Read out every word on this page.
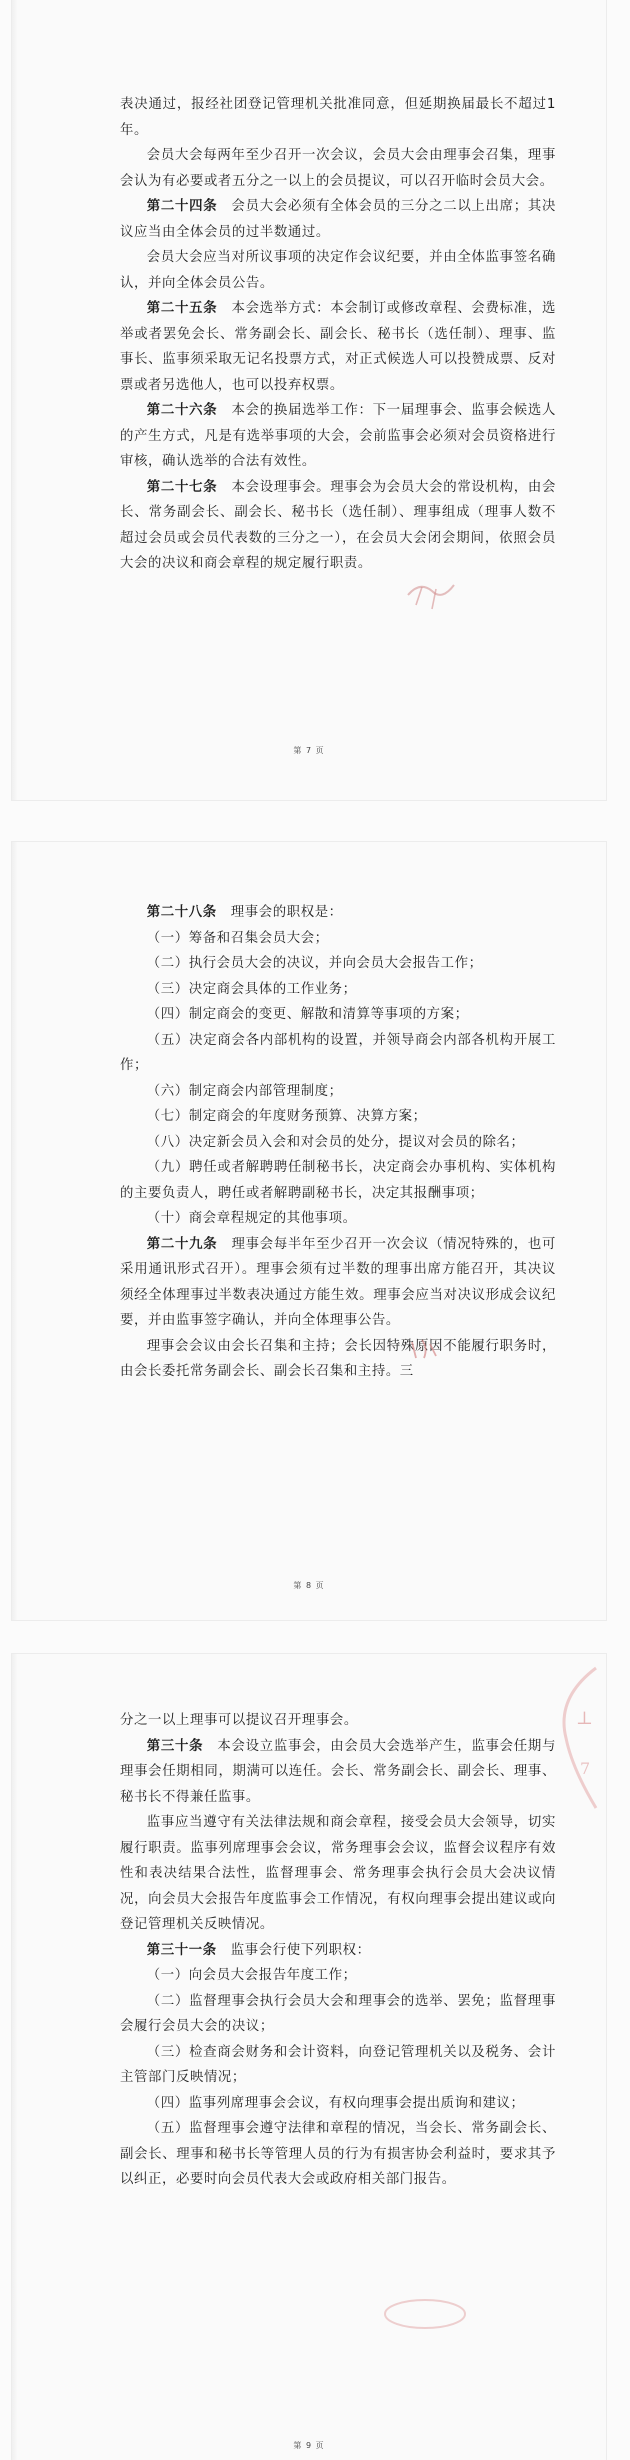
表决通过，报经社团登记管理机关批准同意，但延期换届最长不超过1年。

会员大会每两年至少召开一次会议，会员大会由理事会召集，理事会认为有必要或者五分之一以上的会员提议，可以召开临时会员大会。

第二十四条　 会员大会必须有全体会员的三分之二以上出席；其决议应当由全体会员的过半数通过。

会员大会应当对所议事项的决定作会议纪要，并由全体监事签名确认，并向全体会员公告。

第二十五条　 本会选举方式：本会制订或修改章程、会费标准，选举或者罢免会长、常务副会长、副会长、秘书长（选任制）、理事、监事长、监事须采取无记名投票方式，对正式候选人可以投赞成票、反对票或者另选他人，也可以投弃权票。

第二十六条　 本会的换届选举工作：下一届理事会、监事会候选人的产生方式，凡是有选举事项的大会，会前监事会必须对会员资格进行审核，确认选举的合法有效性。

第二十七条　 本会设理事会。理事会为会员大会的常设机构，由会长、常务副会长、副会长、秘书长（选任制）、理事组成（理事人数不超过会员或会员代表数的三分之一），在会员大会闭会期间，依照会员大会的决议和商会章程的规定履行职责。

第 7 页

第二十八条　 理事会的职权是：

（一）筹备和召集会员大会；

（二）执行会员大会的决议，并向会员大会报告工作；

（三）决定商会具体的工作业务；

（四）制定商会的变更、解散和清算等事项的方案；

（五）决定商会各内部机构的设置，并领导商会内部各机构开展工作；

（六）制定商会内部管理制度；

（七）制定商会的年度财务预算、决算方案；

（八）决定新会员入会和对会员的处分，提议对会员的除名；

（九）聘任或者解聘聘任制秘书长，决定商会办事机构、实体机构的主要负责人，聘任或者解聘副秘书长，决定其报酬事项；

（十）商会章程规定的其他事项。

第二十九条　 理事会每半年至少召开一次会议（情况特殊的，也可采用通讯形式召开）。理事会须有过半数的理事出席方能召开，其决议须经全体理事过半数表决通过方能生效。理事会应当对决议形成会议纪要，并由监事签字确认，并向全体理事公告。

理事会会议由会长召集和主持；会长因特殊原因不能履行职务时，由会长委托常务副会长、副会长召集和主持。三

第 8 页

分之一以上理事可以提议召开理事会。

第三十条　 本会设立监事会，由会员大会选举产生，监事会任期与理事会任期相同，期满可以连任。会长、常务副会长、副会长、理事、秘书长不得兼任监事。

监事应当遵守有关法律法规和商会章程，接受会员大会领导，切实履行职责。监事列席理事会会议，常务理事会会议，监督会议程序有效性和表决结果合法性，监督理事会、常务理事会执行会员大会决议情况，向会员大会报告年度监事会工作情况，有权向理事会提出建议或向登记管理机关反映情况。

第三十一条　 监事会行使下列职权：

（一）向会员大会报告年度工作；

（二）监督理事会执行会员大会和理事会的选举、罢免；监督理事会履行会员大会的决议；

（三）检查商会财务和会计资料，向登记管理机关以及税务、会计主管部门反映情况；

（四）监事列席理事会会议，有权向理事会提出质询和建议；

（五）监督理事会遵守法律和章程的情况，当会长、常务副会长、副会长、理事和秘书长等管理人员的行为有损害协会利益时，要求其予以纠正，必要时向会员代表大会或政府相关部门报告。

⊥
7
第 9 页
